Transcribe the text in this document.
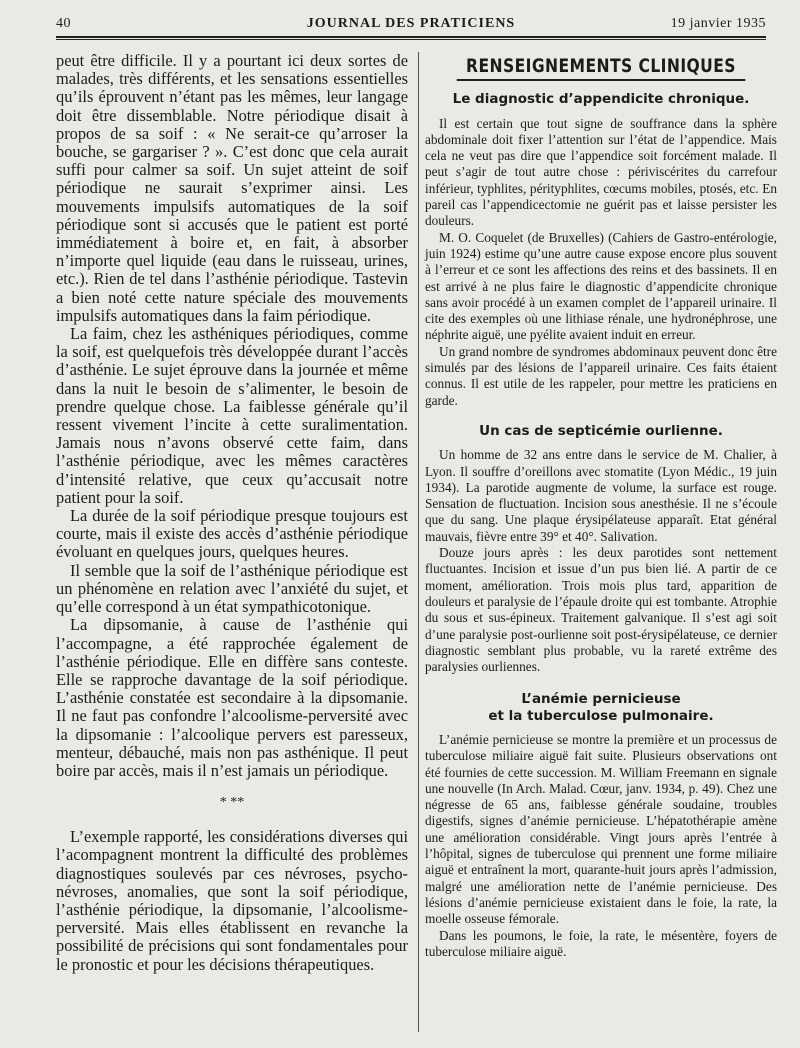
40	JOURNAL DES PRATICIENS	19 janvier 1935

peut être difficile. Il y a pourtant ici deux sortes de malades, très différents, et les sensations essentielles qu’ils éprouvent n’étant pas les mêmes, leur langage doit être dissemblable. Notre périodique disait à propos de sa soif : « Ne serait-ce qu’arroser la bouche, se gargariser ? ». C’est donc que cela aurait suffi pour calmer sa soif. Un sujet atteint de soif périodique ne saurait s’exprimer ainsi. Les mouvements impulsifs automatiques de la soif périodique sont si accusés que le patient est porté immédiatement à boire et, en fait, à absorber n’importe quel liquide (eau dans le ruisseau, urines, etc.). Rien de tel dans l’asthénie périodique. Tastevin a bien noté cette nature spéciale des mouvements impulsifs automatiques dans la faim périodique.

La faim, chez les asthéniques périodiques, comme la soif, est quelquefois très développée durant l’accès d’asthénie. Le sujet éprouve dans la journée et même dans la nuit le besoin de s’alimenter, le besoin de prendre quelque chose. La faiblesse générale qu’il ressent vivement l’incite à cette suralimentation. Jamais nous n’avons observé cette faim, dans l’asthénie périodique, avec les mêmes caractères d’intensité relative, que ceux qu’accusait notre patient pour la soif.

La durée de la soif périodique presque toujours est courte, mais il existe des accès d’asthénie périodique évoluant en quelques jours, quelques heures.

Il semble que la soif de l’asthénique périodique est un phénomène en relation avec l’anxiété du sujet, et qu’elle correspond à un état sympathicotonique.

La dipsomanie, à cause de l’asthénie qui l’accompagne, a été rapprochée également de l’asthénie périodique. Elle en diffère sans conteste. Elle se rapproche davantage de la soif périodique. L’asthénie constatée est secondaire à la dipsomanie. Il ne faut pas confondre l’alcoolisme-perversité avec la dipsomanie : l’alcoolique pervers est paresseux, menteur, débauché, mais non pas asthénique. Il peut boire par accès, mais il n’est jamais un périodique.

* **

L’exemple rapporté, les considérations diverses qui l’acompagnent montrent la difficulté des problèmes diagnostiques soulevés par ces névroses, psycho-névroses, anomalies, que sont la soif périodique, l’asthénie périodique, la dipsomanie, l’alcoolisme-perversité. Mais elles établissent en revanche la possibilité de précisions qui sont fondamentales pour le pronostic et pour les décisions thérapeutiques.

RENSEIGNEMENTS CLINIQUES
Le diagnostic d’appendicite chronique.

Il est certain que tout signe de souffrance dans la sphère abdominale doit fixer l’attention sur l’état de l’appendice. Mais cela ne veut pas dire que l’appendice soit forcément malade. Il peut s’agir de tout autre chose : périviscérites du carrefour inférieur, typhlites, pérityphlites, cœcums mobiles, ptosés, etc. En pareil cas l’appendicectomie ne guérit pas et laisse persister les douleurs.

M. O. Coquelet (de Bruxelles) (Cahiers de Gastro-entérologie, juin 1924) estime qu’une autre cause expose encore plus souvent à l’erreur et ce sont les affections des reins et des bassinets. Il en est arrivé à ne plus faire le diagnostic d’appendicite chronique sans avoir procédé à un examen complet de l’appareil urinaire. Il cite des exemples où une lithiase rénale, une hydronéphrose, une néphrite aiguë, une pyélite avaient induit en erreur.

Un grand nombre de syndromes abdominaux peuvent donc être simulés par des lésions de l’appareil urinaire. Ces faits étaient connus. Il est utile de les rappeler, pour mettre les praticiens en garde.

Un cas de septicémie ourlienne.

Un homme de 32 ans entre dans le service de M. Chalier, à Lyon. Il souffre d’oreillons avec stomatite (Lyon Médic., 19 juin 1934). La parotide augmente de volume, la surface est rouge. Sensation de fluctuation. Incision sous anesthésie. Il ne s’écoule que du sang. Une plaque érysipélateuse apparaît. Etat général mauvais, fièvre entre 39° et 40°. Salivation.

Douze jours après : les deux parotides sont nettement fluctuantes. Incision et issue d’un pus bien lié. A partir de ce moment, amélioration. Trois mois plus tard, apparition de douleurs et paralysie de l’épaule droite qui est tombante. Atrophie du sous et sus-épineux. Traitement galvanique. Il s’est agi soit d’une paralysie post-ourlienne soit post-érysipélateuse, ce dernier diagnostic semblant plus probable, vu la rareté extrême des paralysies ourliennes.

L’anémie pernicieuse
et la tuberculose pulmonaire.

L’anémie pernicieuse se montre la première et un processus de tuberculose miliaire aiguë fait suite. Plusieurs observations ont été fournies de cette succession. M. William Freemann en signale une nouvelle (In Arch. Malad. Cœur, janv. 1934, p. 49). Chez une négresse de 65 ans, faiblesse générale soudaine, troubles digestifs, signes d’anémie pernicieuse. L’hépatothérapie amène une amélioration considérable. Vingt jours après l’entrée à l’hôpital, signes de tuberculose qui prennent une forme miliaire aiguë et entraînent la mort, quarante-huit jours après l’admission, malgré une amélioration nette de l’anémie pernicieuse. Des lésions d’anémie pernicieuse existaient dans le foie, la rate, la moelle osseuse fémorale.

Dans les poumons, le foie, la rate, le mésentère, foyers de tuberculose miliaire aiguë.
